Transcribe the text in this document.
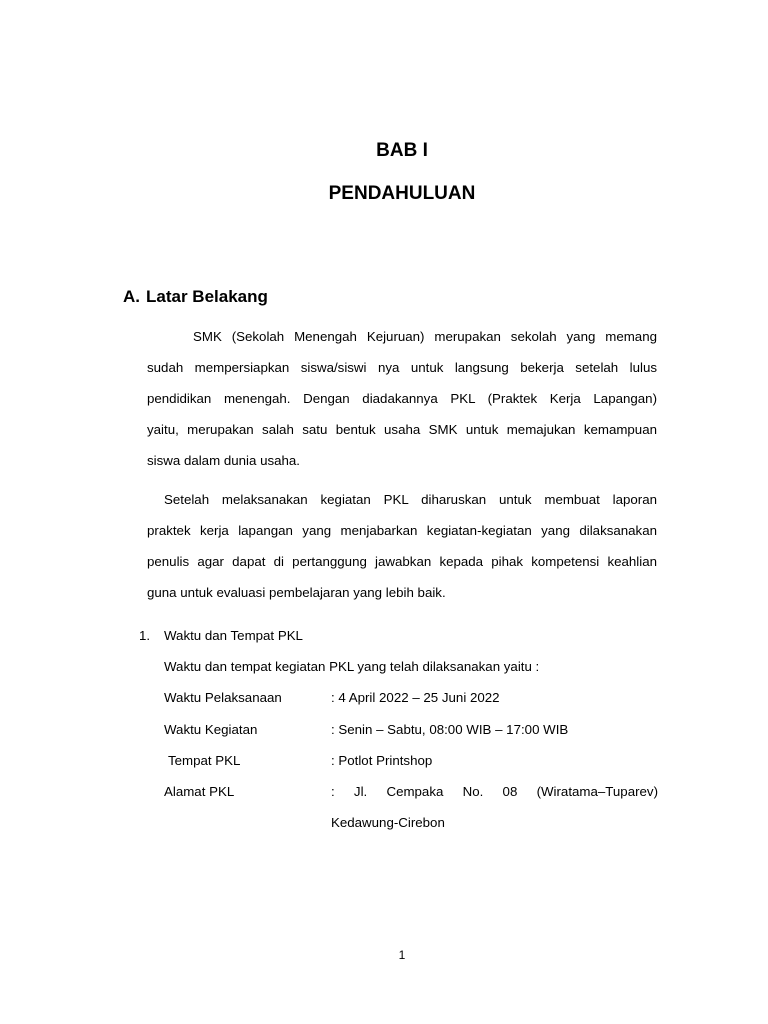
BAB I
PENDAHULUAN
A. Latar Belakang
SMK (Sekolah Menengah Kejuruan) merupakan sekolah yang memang
sudah mempersiapkan siswa/siswi nya untuk langsung bekerja setelah lulus
pendidikan menengah. Dengan diadakannya PKL (Praktek Kerja Lapangan)
yaitu, merupakan salah satu bentuk usaha SMK untuk memajukan kemampuan
siswa dalam dunia usaha.
Setelah melaksanakan kegiatan PKL diharuskan untuk membuat laporan
praktek kerja lapangan yang menjabarkan kegiatan-kegiatan yang dilaksanakan
penulis agar dapat di pertanggung jawabkan kepada pihak kompetensi keahlian
guna untuk evaluasi pembelajaran yang lebih baik.
1. Waktu dan Tempat PKL
Waktu dan tempat kegiatan PKL yang telah dilaksanakan yaitu :
Waktu Pelaksanaan	: 4 April 2022 – 25 Juni 2022
Waktu Kegiatan	: Senin – Sabtu, 08:00 WIB – 17:00 WIB
Tempat PKL	: Potlot Printshop
Alamat PKL	: Jl. Cempaka No. 08 (Wiratama–Tuparev)
Kedawung-Cirebon
1
